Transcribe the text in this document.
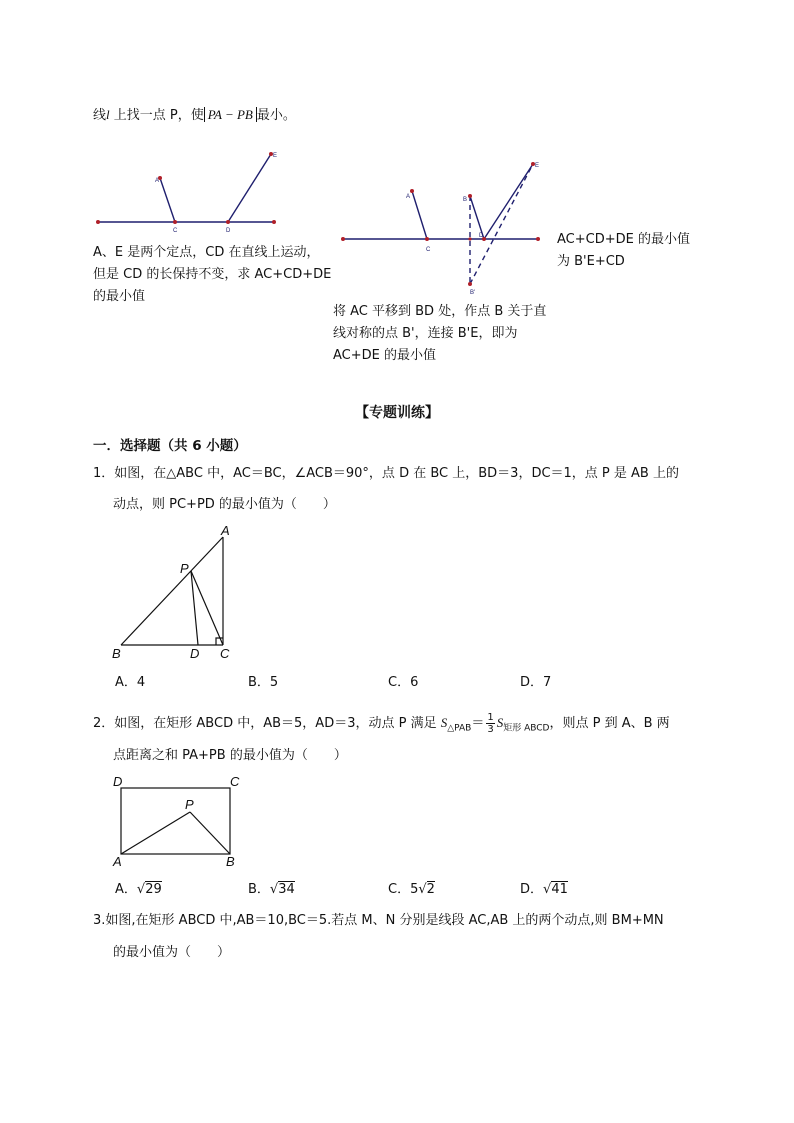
线l 上找一点 P，使 PA − PB 最小。
A
E
C	D
A、E 是两个定点，CD 在直线上运动，
但是 CD 的长保持不变，求 AC+CD+DE
的最小值
A	B
C
D
E
B'
AC+CD+DE 的最小值
为 B'E+CD
将 AC 平移到 BD 处，作点 B 关于直
线对称的点 B'，连接 B'E，即为
AC+DE 的最小值
【专题训练】
一．选择题（共 6 小题）
1．如图，在△ABC 中，AC＝BC，∠ACB＝90°，点 D 在 BC 上，BD＝3，DC＝1，点 P 是 AB 上的
动点，则 PC+PD 的最小值为（　　）
A
P
B	D C
A．4	B．5	C．6	D．7
2．如图，在矩形 ABCD 中，AB＝5，AD＝3，动点 P 满足 $S_{\triangle PAB}= \frac{1}{3} S_{矩形 ABCD}$，则点 P 到 A、B 两
点距离之和 PA+PB 的最小值为（　　）
D	C
P
A	B
A．√29	B．√34	C．5√2	D．√41
3.如图,在矩形 ABCD 中,AB＝10,BC＝5.若点 M、N 分别是线段 AC,AB 上的两个动点,则 BM+MN
的最小值为（　　）
